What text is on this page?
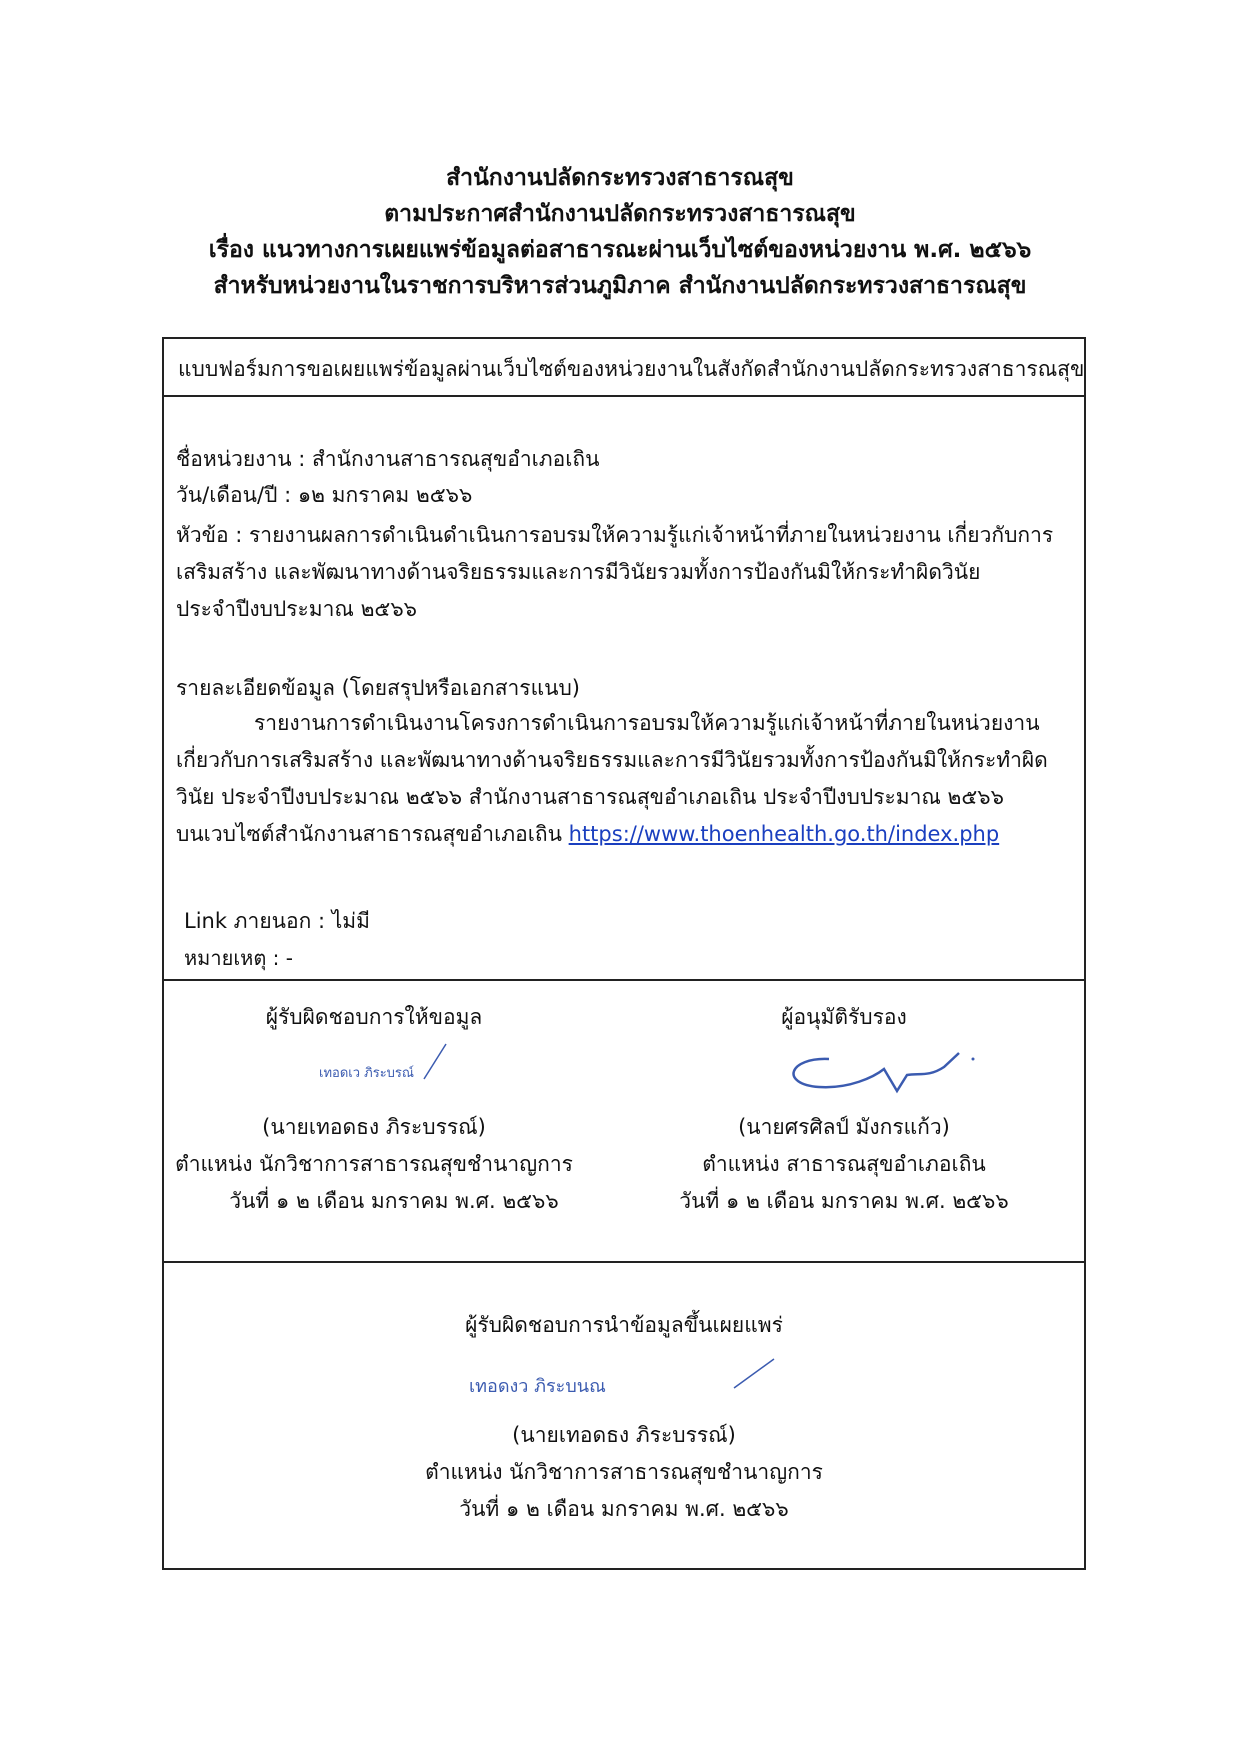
สำนักงานปลัดกระทรวงสาธารณสุข
ตามประกาศสำนักงานปลัดกระทรวงสาธารณสุข
เรื่อง แนวทางการเผยแพร่ข้อมูลต่อสาธารณะผ่านเว็บไซต์ของหน่วยงาน พ.ศ. ๒๕๖๖
สำหรับหน่วยงานในราชการบริหารส่วนภูมิภาค สำนักงานปลัดกระทรวงสาธารณสุข
แบบฟอร์มการขอเผยแพร่ข้อมูลผ่านเว็บไซต์ของหน่วยงานในสังกัดสำนักงานปลัดกระทรวงสาธารณสุข
ชื่อหน่วยงาน : สำนักงานสาธารณสุขอำเภอเถิน
วัน/เดือน/ปี : ๑๒ มกราคม ๒๕๖๖
หัวข้อ : รายงานผลการดำเนินดำเนินการอบรมให้ความรู้แก่เจ้าหน้าที่ภายในหน่วยงาน เกี่ยวกับการ
เสริมสร้าง และพัฒนาทางด้านจริยธรรมและการมีวินัยรวมทั้งการป้องกันมิให้กระทำผิดวินัย
ประจำปีงบประมาณ ๒๕๖๖
รายละเอียดข้อมูล (โดยสรุปหรือเอกสารแนบ)
รายงานการดำเนินงานโครงการดำเนินการอบรมให้ความรู้แก่เจ้าหน้าที่ภายในหน่วยงาน
เกี่ยวกับการเสริมสร้าง และพัฒนาทางด้านจริยธรรมและการมีวินัยรวมทั้งการป้องกันมิให้กระทำผิด
วินัย ประจำปีงบประมาณ ๒๕๖๖ สำนักงานสาธารณสุขอำเภอเถิน ประจำปีงบประมาณ ๒๕๖๖
บนเวบไซต์สำนักงานสาธารณสุขอำเภอเถิน https://www.thoenhealth.go.th/index.php
Link ภายนอก : ไม่มี
หมายเหตุ : -
ผู้รับผิดชอบการให้ขอมูล
เทอดเว ภิระบรณ์
(นายเทอดธง ภิระบรรณ์)
ตำแหน่ง นักวิชาการสาธารณสุขชำนาญการ
วันที่ ๑ ๒ เดือน มกราคม พ.ศ. ๒๕๖๖
ผู้อนุมัติรับรอง
(นายศรศิลป์ มังกรแก้ว)
ตำแหน่ง สาธารณสุขอำเภอเถิน
วันที่ ๑ ๒ เดือน มกราคม พ.ศ. ๒๕๖๖
ผู้รับผิดชอบการนำข้อมูลขึ้นเผยแพร่
เทอดงว ภิระบนณ
(นายเทอดธง ภิระบรรณ์)
ตำแหน่ง นักวิชาการสาธารณสุขชำนาญการ
วันที่ ๑ ๒ เดือน มกราคม พ.ศ. ๒๕๖๖
